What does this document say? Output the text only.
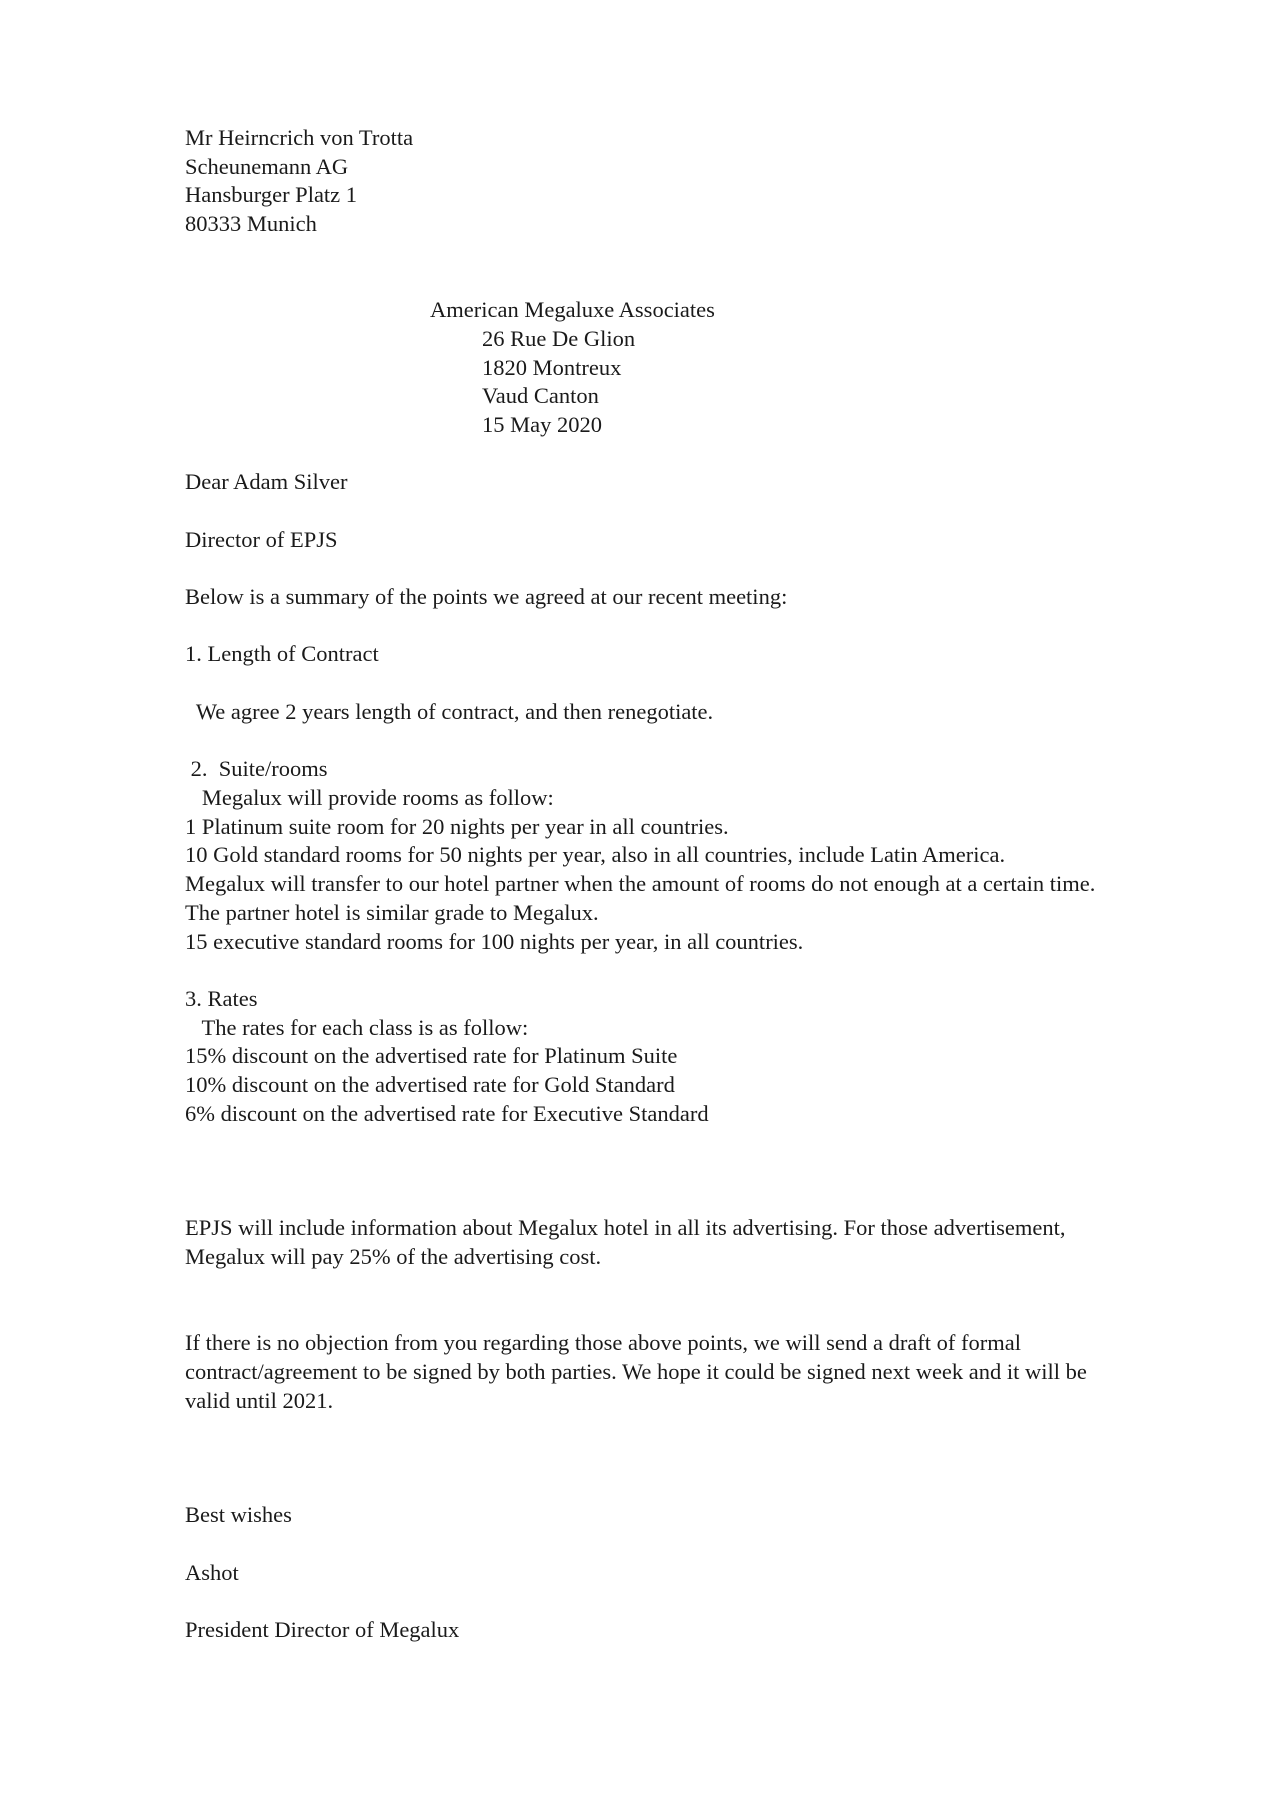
Mr Heirncrich von Trotta

Scheunemann AG

Hansburger Platz 1

80333 Munich

American Megaluxe Associates

26 Rue De Glion

1820 Montreux

Vaud Canton

15 May 2020

Dear Adam Silver

Director of EPJS

Below is a summary of the points we agreed at our recent meeting:

1. Length of Contract

We agree 2 years length of contract, and then renegotiate.

2.  Suite/rooms

Megalux will provide rooms as follow:

1 Platinum suite room for 20 nights per year in all countries.

10 Gold standard rooms for 50 nights per year, also in all countries, include Latin America.

Megalux will transfer to our hotel partner when the amount of rooms do not enough at a certain time.

The partner hotel is similar grade to Megalux.

15 executive standard rooms for 100 nights per year, in all countries.

3. Rates

The rates for each class is as follow:

15% discount on the advertised rate for Platinum Suite

10% discount on the advertised rate for Gold Standard

6% discount on the advertised rate for Executive Standard

EPJS will include information about Megalux hotel in all its advertising. For those advertisement,

Megalux will pay 25% of the advertising cost.

If there is no objection from you regarding those above points, we will send a draft of formal

contract/agreement to be signed by both parties. We hope it could be signed next week and it will be

valid until 2021.

Best wishes

Ashot

President Director of Megalux
